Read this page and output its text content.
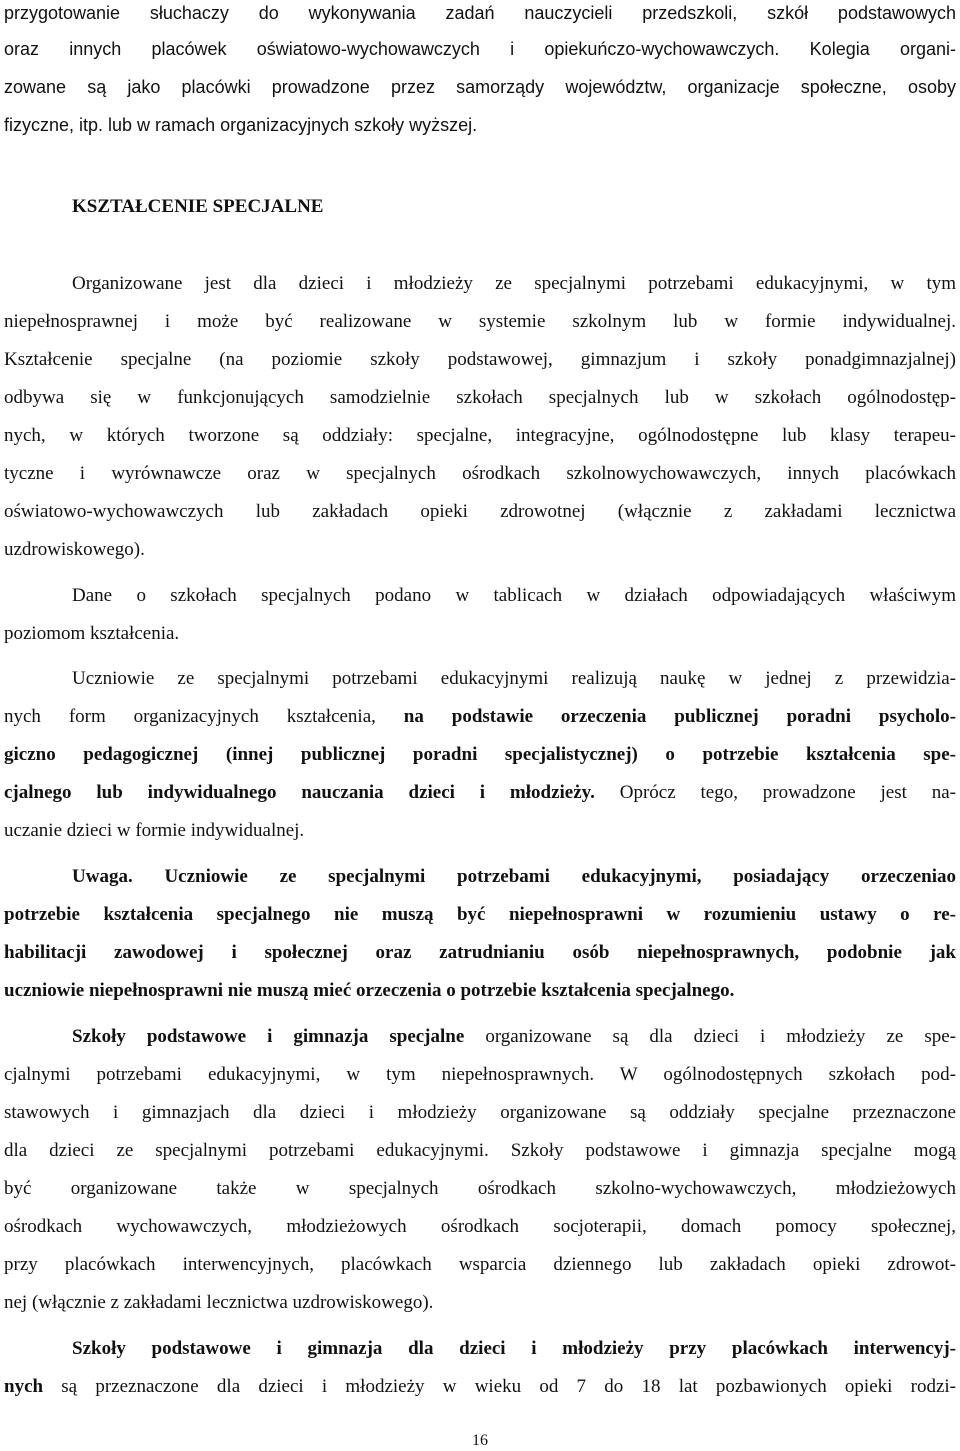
przygotowanie słuchaczy do wykonywania zadań nauczycieli przedszkoli, szkół podstawowych
oraz innych placówek oświatowo-wychowawczych i opiekuńczo-wychowawczych. Kolegia organi-
zowane są jako placówki prowadzone przez samorządy województw, organizacje społeczne, osoby
fizyczne, itp. lub w ramach organizacyjnych szkoły wyższej.
KSZTAŁCENIE SPECJALNE
Organizowane jest dla dzieci i młodzieży ze specjalnymi potrzebami edukacyjnymi, w tym
niepełnosprawnej i może być realizowane w systemie szkolnym lub w formie indywidualnej.
Kształcenie specjalne (na poziomie szkoły podstawowej, gimnazjum i szkoły ponadgimnazjalnej)
odbywa się w funkcjonujących samodzielnie szkołach specjalnych lub w szkołach ogólnodostęp-
nych, w których tworzone są oddziały: specjalne, integracyjne, ogólnodostępne lub klasy terapeu-
tyczne i wyrównawcze oraz w specjalnych ośrodkach szkolnowychowawczych, innych placówkach
oświatowo-wychowawczych lub zakładach opieki zdrowotnej (włącznie z zakładami lecznictwa
uzdrowiskowego).
Dane o szkołach specjalnych podano w tablicach w działach odpowiadających właściwym
poziomom kształcenia.
Uczniowie ze specjalnymi potrzebami edukacyjnymi realizują naukę w jednej z przewidzia-
nych form organizacyjnych kształcenia, na podstawie orzeczenia publicznej poradni psycholo-
giczno pedagogicznej (innej publicznej poradni specjalistycznej) o potrzebie kształcenia spe-
cjalnego lub indywidualnego nauczania dzieci i młodzieży. Oprócz tego, prowadzone jest na-
uczanie dzieci w formie indywidualnej.
Uwaga. Uczniowie ze specjalnymi potrzebami edukacyjnymi, posiadający orzeczeniao
potrzebie kształcenia specjalnego nie muszą być niepełnosprawni w rozumieniu ustawy o re-
habilitacji zawodowej i społecznej oraz zatrudnianiu osób niepełnosprawnych, podobnie jak
uczniowie niepełnosprawni nie muszą mieć orzeczenia o potrzebie kształcenia specjalnego.
Szkoły podstawowe i gimnazja specjalne organizowane są dla dzieci i młodzieży ze spe-
cjalnymi potrzebami edukacyjnymi, w tym niepełnosprawnych. W ogólnodostępnych szkołach pod-
stawowych i gimnazjach dla dzieci i młodzieży organizowane są oddziały specjalne przeznaczone
dla dzieci ze specjalnymi potrzebami edukacyjnymi. Szkoły podstawowe i gimnazja specjalne mogą
być organizowane także w specjalnych ośrodkach szkolno-wychowawczych, młodzieżowych
ośrodkach wychowawczych, młodzieżowych ośrodkach socjoterapii, domach pomocy społecznej,
przy placówkach interwencyjnych, placówkach wsparcia dziennego lub zakładach opieki zdrowot-
nej (włącznie z zakładami lecznictwa uzdrowiskowego).
Szkoły podstawowe i gimnazja dla dzieci i młodzieży przy placówkach interwencyj-
nych są przeznaczone dla dzieci i młodzieży w wieku od 7 do 18 lat pozbawionych opieki rodzi-
16
